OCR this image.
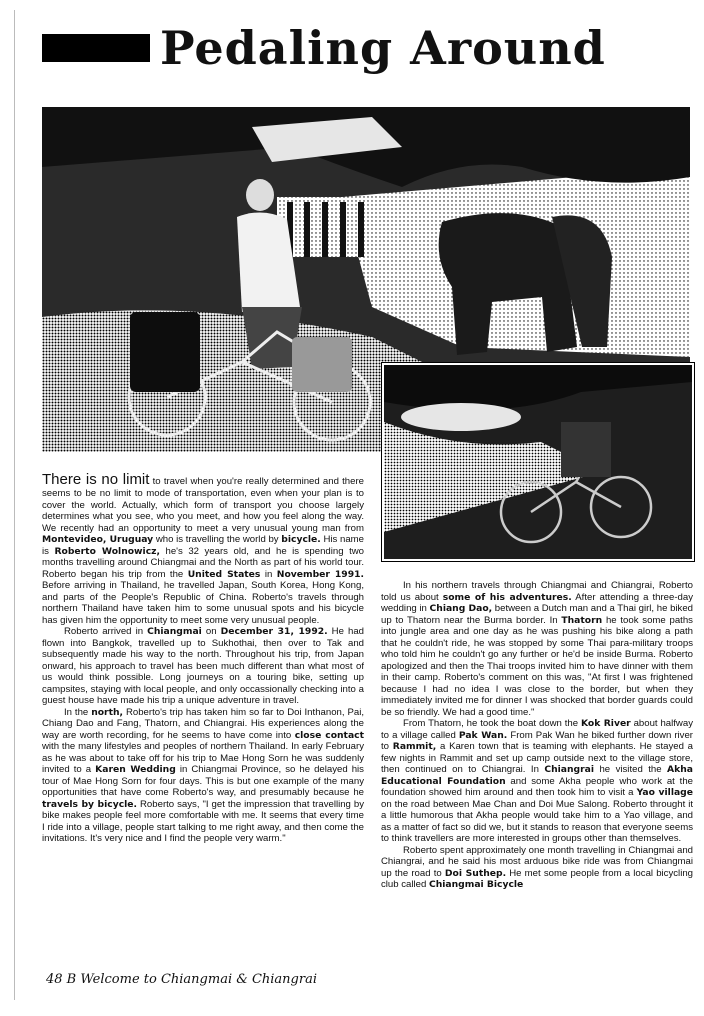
Pedaling Around

There is no limit to travel when you're really determined and there seems to be no limit to mode of transportation, even when your plan is to cover the world. Actually, which form of transport you choose largely determines what you see, who you meet, and how you feel along the way. We recently had an opportunity to meet a very unusual young man from Montevideo, Uruguay who is travelling the world by bicycle. His name is Roberto Wolnowicz, he's 32 years old, and he is spending two months travelling around Chiangmai and the North as part of his world tour. Roberto began his trip from the United States in November 1991. Before arriving in Thailand, he travelled Japan, South Korea, Hong Kong, and parts of the People's Republic of China. Roberto's travels through northern Thailand have taken him to some unusual spots and his bicycle has given him the opportunity to meet some very unusual people.

Roberto arrived in Chiangmai on December 31, 1992. He had flown into Bangkok, travelled up to Sukhothai, then over to Tak and subsequently made his way to the north. Throughout his trip, from Japan onward, his approach to travel has been much different than what most of us would think possible. Long journeys on a touring bike, setting up campsites, staying with local people, and only occassionally checking into a guest house have made his trip a unique adventure in travel.

In the north, Roberto's trip has taken him so far to Doi Inthanon, Pai, Chiang Dao and Fang, Thatorn, and Chiangrai. His experiences along the way are worth recording, for he seems to have come into close contact with the many lifestyles and peoples of northern Thailand. In early February as he was about to take off for his trip to Mae Hong Sorn he was suddenly invited to a Karen Wedding in Chiangmai Province, so he delayed his tour of Mae Hong Sorn for four days. This is but one example of the many opportunities that have come Roberto's way, and presumably because he travels by bicycle. Roberto says, "I get the impression that travelling by bike makes people feel more comfortable with me. It seems that every time I ride into a village, people start talking to me right away, and then come the invitations. It's very nice and I find the people very warm."

In his northern travels through Chiangmai and Chiangrai, Roberto told us about some of his adventures. After attending a three-day wedding in Chiang Dao, between a Dutch man and a Thai girl, he biked up to Thatorn near the Burma border. In Thatorn he took some paths into jungle area and one day as he was pushing his bike along a path that he couldn't ride, he was stopped by some Thai para-military troops who told him he couldn't go any further or he'd be inside Burma. Roberto apologized and then the Thai troops invited him to have dinner with them in their camp. Roberto's comment on this was, "At first I was frightened because I had no idea I was close to the border, but when they immediately invited me for dinner I was shocked that border guards could be so friendly. We had a good time."

From Thatorn, he took the boat down the Kok River about halfway to a village called Pak Wan. From Pak Wan he biked further down river to Rammit, a Karen town that is teaming with elephants. He stayed a few nights in Rammit and set up camp outside next to the village store, then continued on to Chiangrai. In Chiangrai he visited the Akha Educational Foundation and some Akha people who work at the foundation showed him around and then took him to visit a Yao village on the road between Mae Chan and Doi Mue Salong. Roberto throught it a little humorous that Akha people would take him to a Yao village, and as a matter of fact so did we, but it stands to reason that everyone seems to think travellers are more interested in groups other than themselves.

Roberto spent approximately one month travelling in Chiangmai and Chiangrai, and he said his most arduous bike ride was from Chiangmai up the road to Doi Suthep. He met some people from a local bicycling club called Chiangmai Bicycle

48 B Welcome to Chiangmai & Chiangrai
